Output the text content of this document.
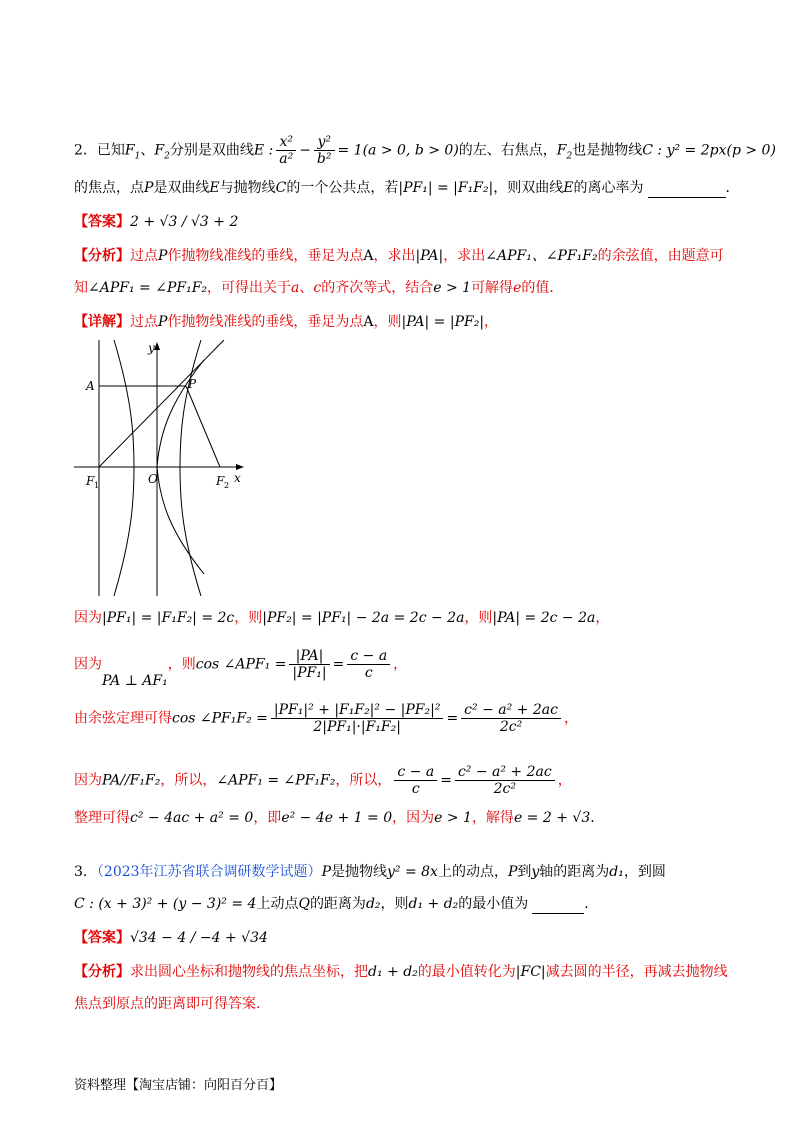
2．已知$F_1$、$F_2$分别是双曲线E : $\frac{\text{x²}}{\text{a²}} - \frac{\text{y²}}{\text{b²}} = 1(a > 0$, b > 0)的左、右焦点，$F_2$也是抛物线C : y² = 2px(p > 0)
的焦点，点P是双曲线E与抛物线C的一个公共点，若|PF₁| = |F₁F₂|，则双曲线E的离心率为	．
【答案】2 + √3 / √3 + 2
【分析】过点P作抛物线准线的垂线，垂足为点A，求出|PA|，求出∠APF₁、∠PF₁F₂的余弦值，由题意可
知∠APF₁ = ∠PF₁F₂，可得出关于a、c的齐次等式，结合e > 1可解得e的值.
【详解】过点P作抛物线准线的垂线，垂足为点A，则|PA| = |PF₂|，
A	P
y
F 1	O	F 2
x
因为|PF₁| = |F₁F₂| = 2c，则|PF₂| = |PF₁| − 2a = 2c − 2a，则|PA| = 2c − 2a，
因为PA ⊥ AF₁，则cos ∠APF₁ = $\frac{|PA|}{\text{|PF₁|}} = \frac{c - a}{c}$ ，
由余弦定理可得cos ∠PF₁F₂ = $\frac{\text{|PF₁|² + |F₁F₂|² − |PF₂|²}}{\text{2|PF₁|·|F₁F₂|}} = \frac{\text{c² − a² + 2ac}}{\text{2c²}}$ ，
因为PA//F₁F₂，所以，∠APF₁ = ∠PF₁F₂，所以， $\frac{c - a}{c} = \frac{\text{c² − a² + 2ac}}{\text{2c²}}$ ，
整理可得c² − 4ac + a² = 0，即e² − 4e + 1 = 0，因为e > 1，解得e = 2 + √3.
3．（2023年江苏省联合调研数学试题）P是抛物线y² = 8x上的动点，P到y轴的距离为d₁，到圆
C : (x + 3)² + (y − 3)² = 4上动点Q的距离为d₂，则d₁ + d₂的最小值为	．
【答案】√34 − 4 / −4 + √34
【分析】求出圆心坐标和抛物线的焦点坐标，把d₁ + d₂的最小值转化为|FC|减去圆的半径，再减去抛物线
焦点到原点的距离即可得答案.
资料整理【淘宝店铺：向阳百分百】
